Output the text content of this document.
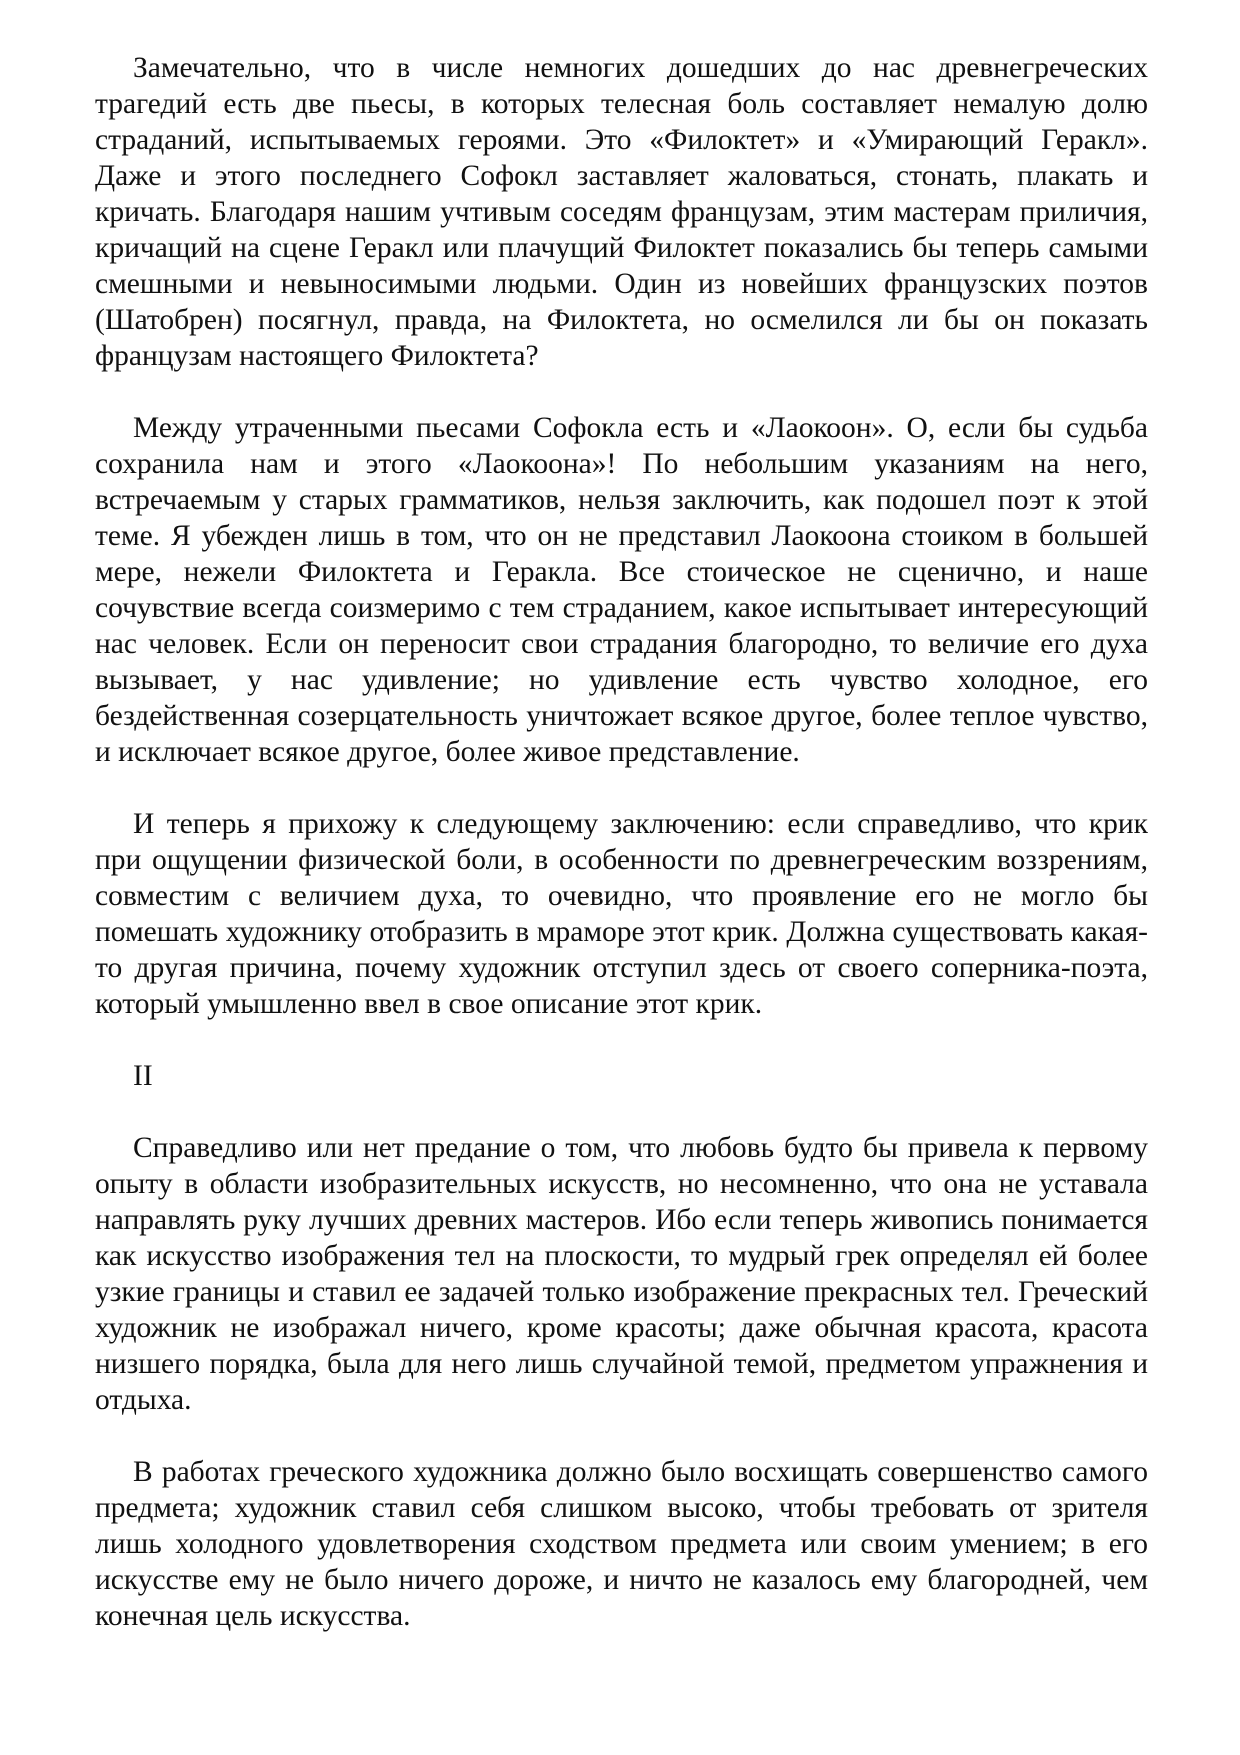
Замечательно, что в числе немногих дошедших до нас древнегреческих трагедий есть две пьесы, в которых телесная боль составляет немалую долю страданий, испытываемых героями. Это «Филоктет» и «Умирающий Геракл». Даже и этого последнего Софокл заставляет жаловаться, стонать, плакать и кричать. Благодаря нашим учтивым соседям французам, этим мастерам приличия, кричащий на сцене Геракл или плачущий Филоктет показались бы теперь самыми смешными и невыносимыми людьми. Один из новейших французских поэтов (Шатобрен) посягнул, правда, на Филоктета, но осмелился ли бы он показать французам настоящего Филоктета?

Между утраченными пьесами Софокла есть и «Лаокоон». О, если бы судьба сохранила нам и этого «Лаокоона»! По небольшим указаниям на него, встречаемым у старых грамматиков, нельзя заключить, как подошел поэт к этой теме. Я убежден лишь в том, что он не представил Лаокоона стоиком в большей мере, нежели Филоктета и Геракла. Все стоическое не сценично, и наше сочувствие всегда соизмеримо с тем страданием, какое испытывает интересующий нас человек. Если он переносит свои страдания благородно, то величие его духа вызывает, у нас удивление; но удивление есть чувство холодное, его бездейственная созерцательность уничтожает всякое другое, более теплое чувство, и исключает всякое другое, более живое представление.

И теперь я прихожу к следующему заключению: если справедливо, что крик при ощущении физической боли, в особенности по древнегреческим воззрениям, совместим с величием духа, то очевидно, что проявление его не могло бы помешать художнику отобразить в мраморе этот крик. Должна существовать какая-то другая причина, почему художник отступил здесь от своего соперника-поэта, который умышленно ввел в свое описание этот крик.

II

Справедливо или нет предание о том, что любовь будто бы привела к первому опыту в области изобразительных искусств, но несомненно, что она не уставала направлять руку лучших древних мастеров. Ибо если теперь живопись понимается как искусство изображения тел на плоскости, то мудрый грек определял ей более узкие границы и ставил ее задачей только изображение прекрасных тел. Греческий художник не изображал ничего, кроме красоты; даже обычная красота, красота низшего порядка, была для него лишь случайной темой, предметом упражнения и отдыха.

В работах греческого художника должно было восхищать совершенство самого предмета; художник ставил себя слишком высоко, чтобы требовать от зрителя лишь холодного удовлетворения сходством предмета или своим умением; в его искусстве ему не было ничего дороже, и ничто не казалось ему благородней, чем конечная цель искусства.
